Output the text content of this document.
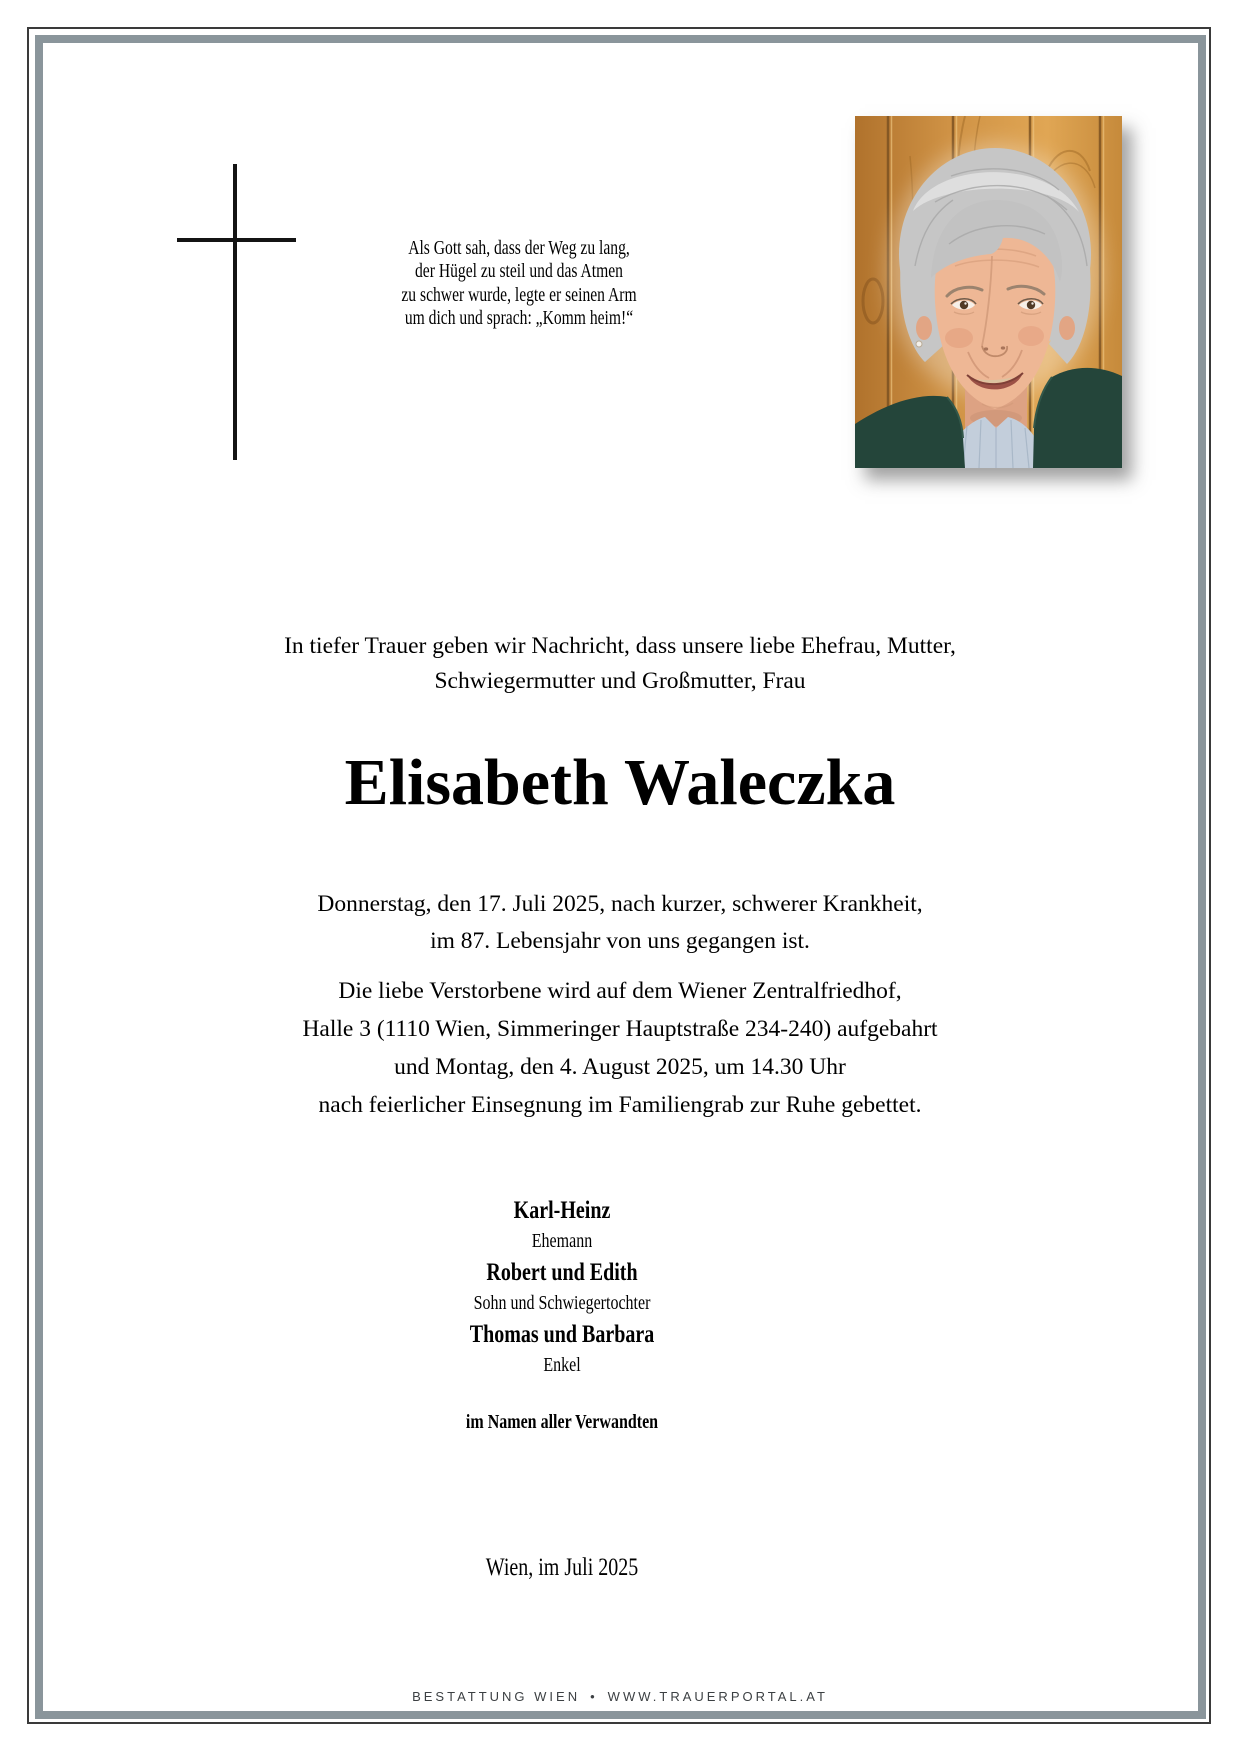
Als Gott sah, dass der Weg zu lang,
der Hügel zu steil und das Atmen
zu schwer wurde, legte er seinen Arm
um dich und sprach: „Komm heim!“
In tiefer Trauer geben wir Nachricht, dass unsere liebe Ehefrau, Mutter,
Schwiegermutter und Großmutter, Frau
Elisabeth Waleczka
Donnerstag, den 17. Juli 2025, nach kurzer, schwerer Krankheit,
im 87. Lebensjahr von uns gegangen ist.
Die liebe Verstorbene wird auf dem Wiener Zentralfriedhof,
Halle 3 (1110 Wien, Simmeringer Hauptstraße 234-240) aufgebahrt
und Montag, den 4. August 2025, um 14.30 Uhr
nach feierlicher Einsegnung im Familiengrab zur Ruhe gebettet.
Karl-Heinz
Ehemann
Robert und Edith
Sohn und Schwiegertochter
Thomas und Barbara
Enkel
im Namen aller Verwandten
Wien, im Juli 2025
BESTATTUNG WIEN • WWW.TRAUERPORTAL.AT
